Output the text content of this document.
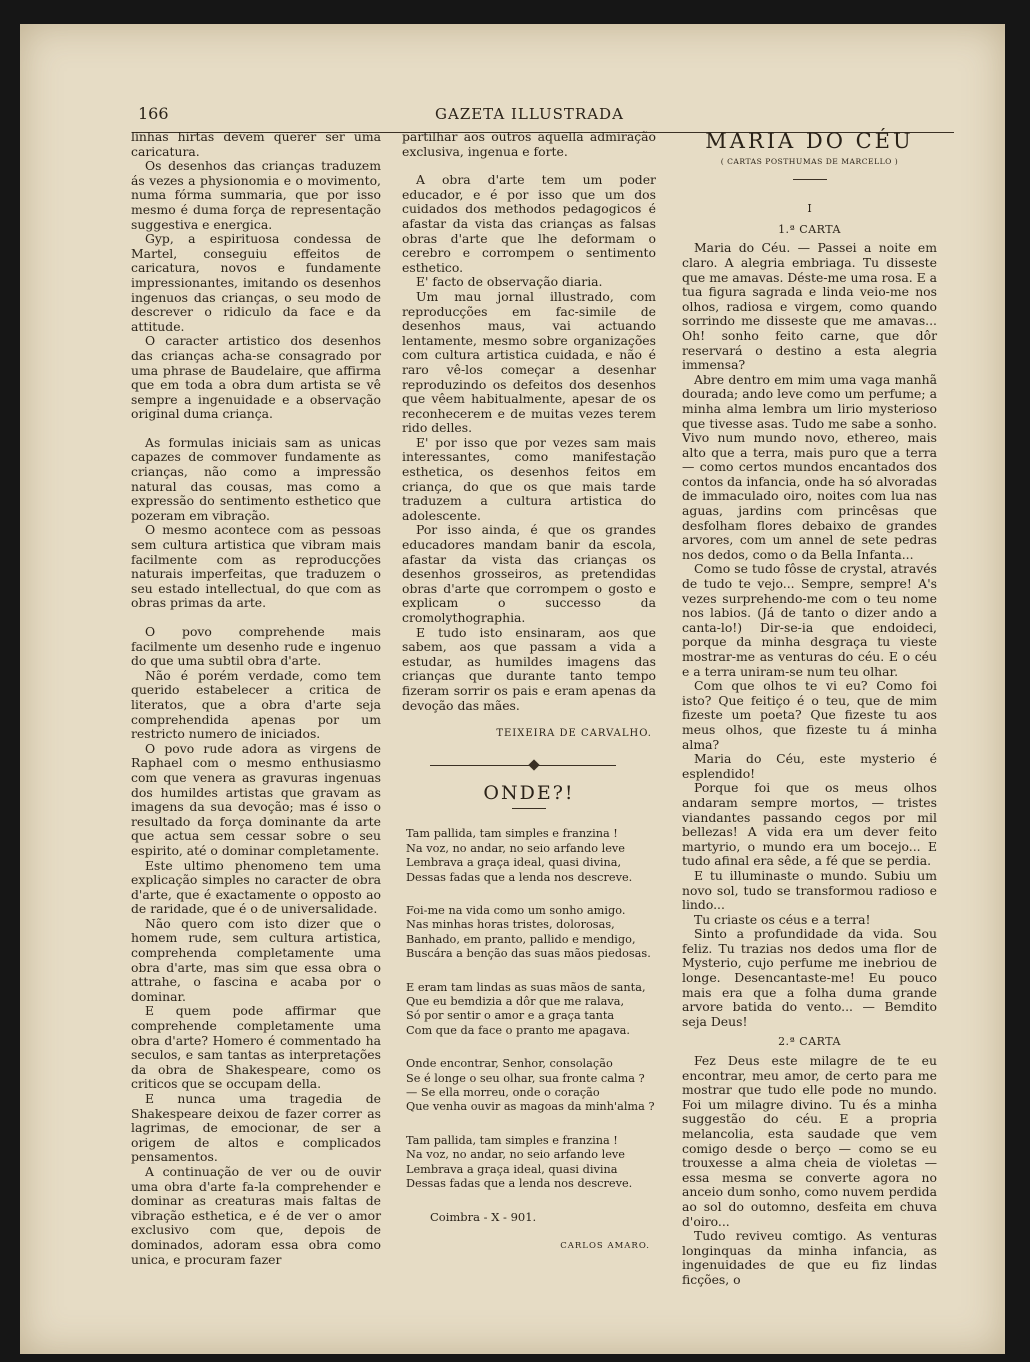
166	GAZETA ILLUSTRADA

linhas hirtas devem querer ser uma caricatura.

Os desenhos das crianças traduzem ás vezes a physionomia e o movimento, numa fórma summaria, que por isso mesmo é duma força de representação suggestiva e energica.

Gyp, a espirituosa condessa de Martel, conseguiu effeitos de caricatura, novos e fundamente impressionantes, imitando os desenhos ingenuos das crianças, o seu modo de descrever o ridiculo da face e da attitude.

O caracter artistico dos desenhos das crianças acha-se consagrado por uma phrase de Baudelaire, que affirma que em toda a obra dum artista se vê sempre a ingenuidade e a observação original duma criança.

As formulas iniciais sam as unicas capazes de commover fundamente as crianças, não como a impressão natural das cousas, mas como a expressão do sentimento esthetico que pozeram em vibração.

O mesmo acontece com as pessoas sem cultura artistica que vibram mais facilmente com as reproducções naturais imperfeitas, que traduzem o seu estado intellectual, do que com as obras primas da arte.

O povo comprehende mais facilmente um desenho rude e ingenuo do que uma subtil obra d'arte.

Não é porém verdade, como tem querido estabelecer a critica de literatos, que a obra d'arte seja comprehendida apenas por um restricto numero de iniciados.

O povo rude adora as virgens de Raphael com o mesmo enthusiasmo com que venera as gravuras ingenuas dos humildes artistas que gravam as imagens da sua devoção; mas é isso o resultado da força dominante da arte que actua sem cessar sobre o seu espirito, até o dominar completamente.

Este ultimo phenomeno tem uma explicação simples no caracter de obra d'arte, que é exactamente o opposto ao de raridade, que é o de universalidade.

Não quero com isto dizer que o homem rude, sem cultura artistica, comprehenda completamente uma obra d'arte, mas sim que essa obra o attrahe, o fascina e acaba por o dominar.

E quem pode affirmar que comprehende completamente uma obra d'arte? Homero é commentado ha seculos, e sam tantas as interpretações da obra de Shakespeare, como os criticos que se occupam della.

E nunca uma tragedia de Shakespeare deixou de fazer correr as lagrimas, de emocionar, de ser a origem de altos e complicados pensamentos.

A continuação de ver ou de ouvir uma obra d'arte fa-la comprehender e dominar as creaturas mais faltas de vibração esthetica, e é de ver o amor exclusivo com que, depois de dominados, adoram essa obra como unica, e procuram fazer

partilhar aos outros aquella admiração exclusiva, ingenua e forte.

A obra d'arte tem um poder educador, e é por isso que um dos cuidados dos methodos pedagogicos é afastar da vista das crianças as falsas obras d'arte que lhe deformam o cerebro e corrompem o sentimento esthetico.

E' facto de observação diaria.

Um mau jornal illustrado, com reproducções em fac-simile de desenhos maus, vai actuando lentamente, mesmo sobre organizações com cultura artistica cuidada, e não é raro vê-los começar a desenhar reproduzindo os defeitos dos desenhos que vêem habitualmente, apesar de os reconhecerem e de muitas vezes terem rido delles.

E' por isso que por vezes sam mais interessantes, como manifestação esthetica, os desenhos feitos em criança, do que os que mais tarde traduzem a cultura artistica do adolescente.

Por isso ainda, é que os grandes educadores mandam banir da escola, afastar da vista das crianças os desenhos grosseiros, as pretendidas obras d'arte que corrompem o gosto e explicam o successo da cromolythographia.

E tudo isto ensinaram, aos que sabem, aos que passam a vida a estudar, as humildes imagens das crianças que durante tanto tempo fizeram sorrir os pais e eram apenas da devoção das mães.

TEIXEIRA DE CARVALHO.
ONDE?!
Tam pallida, tam simples e franzina !
Na voz, no andar, no seio arfando leve
Lembrava a graça ideal, quasi divina,
Dessas fadas que a lenda nos descreve.
Foi-me na vida como um sonho amigo.
Nas minhas horas tristes, dolorosas,
Banhado, em pranto, pallido e mendigo,
Buscára a benção das suas mãos piedosas.
E eram tam lindas as suas mãos de santa,
Que eu bemdizia a dôr que me ralava,
Só por sentir o amor e a graça tanta
Com que da face o pranto me apagava.
Onde encontrar, Senhor, consolação
Se é longe o seu olhar, sua fronte calma ?
— Se ella morreu, onde o coração
Que venha ouvir as magoas da minh'alma ?
Tam pallida, tam simples e franzina !
Na voz, no andar, no seio arfando leve
Lembrava a graça ideal, quasi divina
Dessas fadas que a lenda nos descreve.
Coimbra - X - 901.
CARLOS AMARO.
MARIA DO CÉU
( CARTAS POSTHUMAS DE MARCELLO )
I
1.ª CARTA

Maria do Céu. — Passei a noite em claro. A alegria embriaga. Tu disseste que me amavas. Déste-me uma rosa. E a tua figura sagrada e linda veio-me nos olhos, radiosa e virgem, como quando sorrindo me disseste que me amavas... Oh! sonho feito carne, que dôr reservará o destino a esta alegria immensa?

Abre dentro em mim uma vaga manhã dourada; ando leve como um perfume; a minha alma lembra um lirio mysterioso que tivesse asas. Tudo me sabe a sonho. Vivo num mundo novo, ethereo, mais alto que a terra, mais puro que a terra — como certos mundos encantados dos contos da infancia, onde ha só alvoradas de immaculado oiro, noites com lua nas aguas, jardins com princêsas que desfolham flores debaixo de grandes arvores, com um annel de sete pedras nos dedos, como o da Bella Infanta...

Como se tudo fôsse de crystal, através de tudo te vejo... Sempre, sempre! A's vezes surprehendo-me com o teu nome nos labios. (Já de tanto o dizer ando a canta-lo!) Dir-se-ia que endoideci, porque da minha desgraça tu vieste mostrar-me as venturas do céu. E o céu e a terra uniram-se num teu olhar.

Com que olhos te vi eu? Como foi isto? Que feitiço é o teu, que de mim fizeste um poeta? Que fizeste tu aos meus olhos, que fizeste tu á minha alma?

Maria do Céu, este mysterio é esplendido!

Porque foi que os meus olhos andaram sempre mortos, — tristes viandantes passando cegos por mil bellezas! A vida era um dever feito martyrio, o mundo era um bocejo... E tudo afinal era sêde, a fé que se perdia.

E tu illuminaste o mundo. Subiu um novo sol, tudo se transformou radioso e lindo...

Tu criaste os céus e a terra!

Sinto a profundidade da vida. Sou feliz. Tu trazias nos dedos uma flor de Mysterio, cujo perfume me inebriou de longe. Desencantaste-me! Eu pouco mais era que a folha duma grande arvore batida do vento... — Bemdito seja Deus!

2.ª CARTA

Fez Deus este milagre de te eu encontrar, meu amor, de certo para me mostrar que tudo elle pode no mundo. Foi um milagre divino. Tu és a minha suggestão do céu. E a propria melancolia, esta saudade que vem comigo desde o berço — como se eu trouxesse a alma cheia de violetas — essa mesma se converte agora no anceio dum sonho, como nuvem perdida ao sol do outomno, desfeita em chuva d'oiro...

Tudo reviveu comtigo. As venturas longinquas da minha infancia, as ingenuidades de que eu fiz lindas ficções, o
